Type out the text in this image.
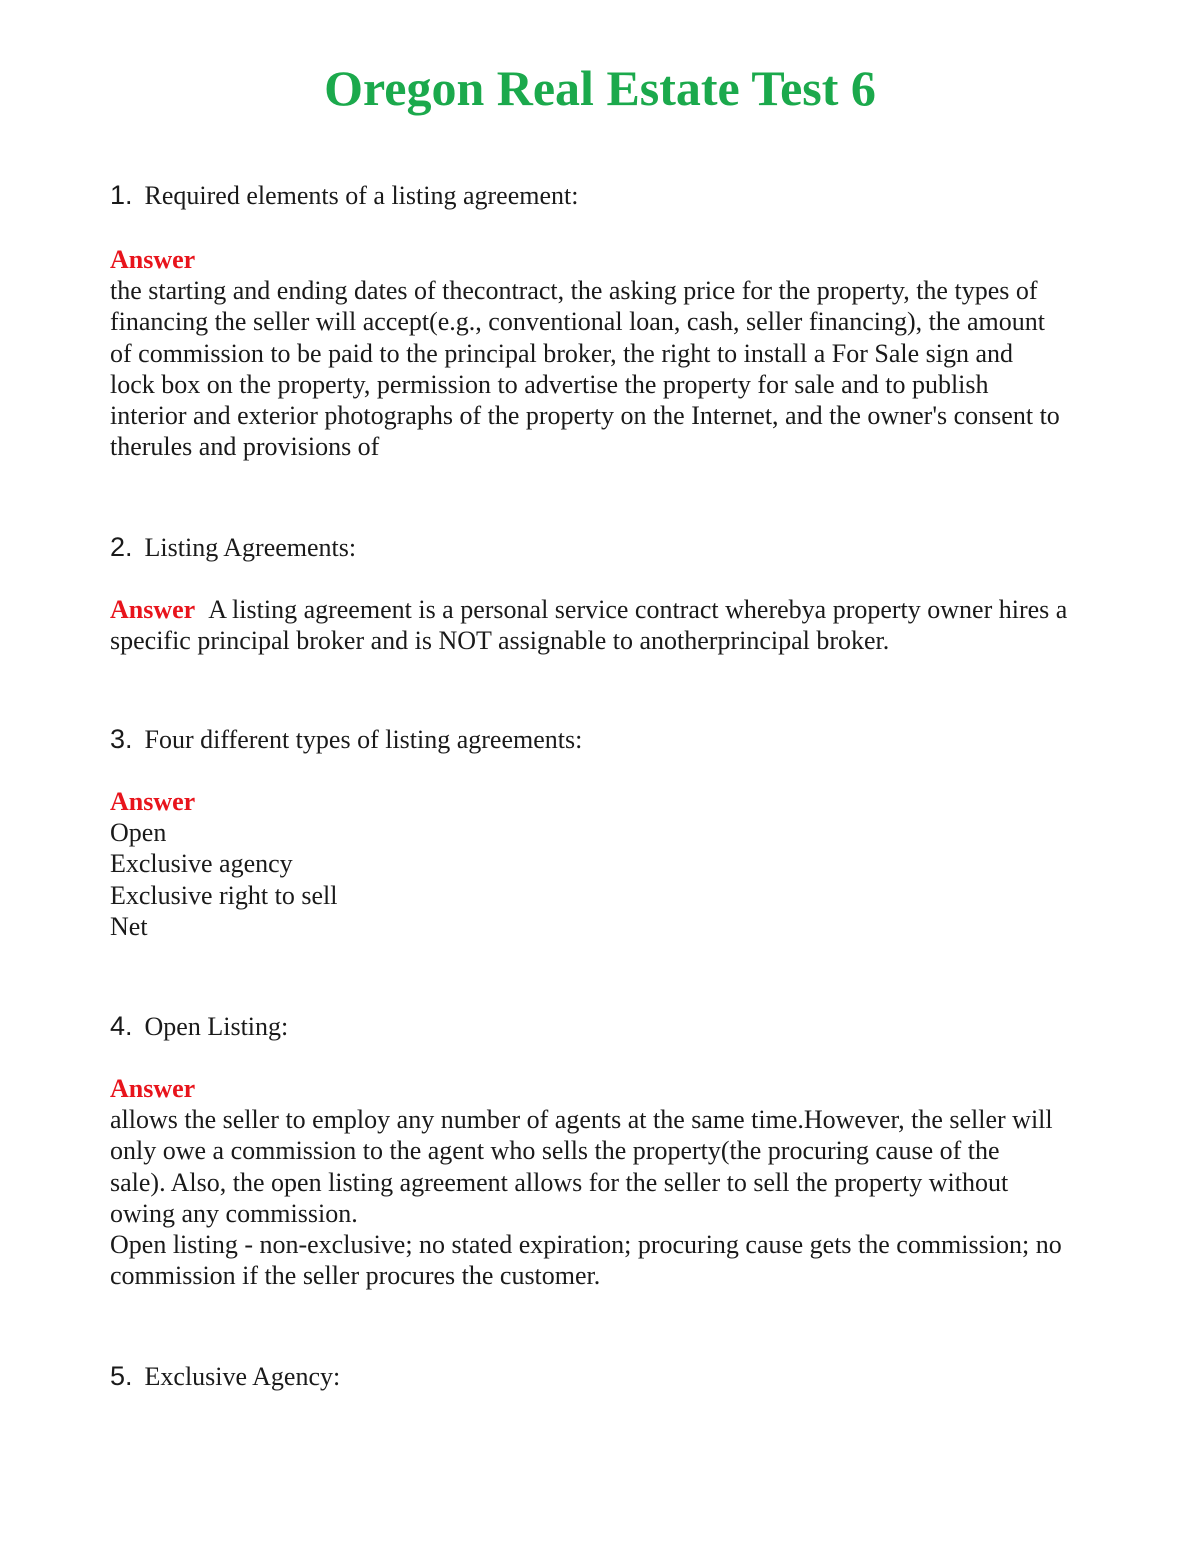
Oregon Real Estate Test 6
1. Required elements of a listing agreement:
Answer
the starting and ending dates of thecontract, the asking price for the property, the types of
financing the seller will accept(e.g., conventional loan, cash, seller financing), the amount
of commission to be paid to the principal broker, the right to install a For Sale sign and
lock box on the property, permission to advertise the property for sale and to publish
interior and exterior photographs of the property on the Internet, and the owner's consent to
therules and provisions of
2. Listing Agreements:
Answer A listing agreement is a personal service contract wherebya property owner hires a
specific principal broker and is NOT assignable to anotherprincipal broker.
3. Four different types of listing agreements:
Answer
Open
Exclusive agency
Exclusive right to sell
Net
4. Open Listing:
Answer
allows the seller to employ any number of agents at the same time.However, the seller will
only owe a commission to the agent who sells the property(the procuring cause of the
sale). Also, the open listing agreement allows for the seller to sell the property without
owing any commission.
Open listing - non-exclusive; no stated expiration; procuring cause gets the commission; no
commission if the seller procures the customer.
5. Exclusive Agency:
